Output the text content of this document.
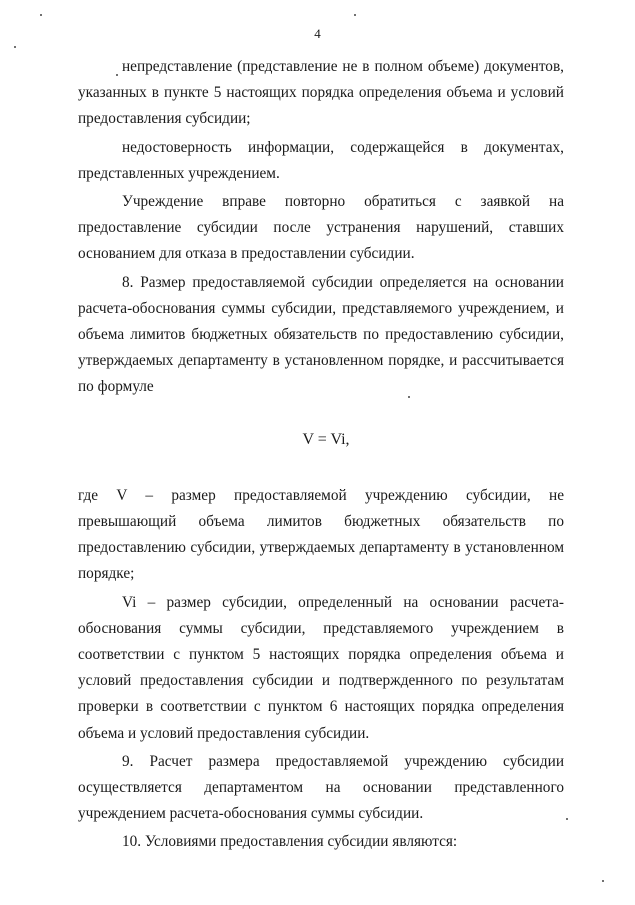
4

непредставление (представление не в полном объеме) документов, указанных в пункте 5 настоящих порядка определения объема и условий предоставления субсидии;

недостоверность информации, содержащейся в документах, представленных учреждением.

Учреждение вправе повторно обратиться с заявкой на предоставление субсидии после устранения нарушений, ставших основанием для отказа в предоставлении субсидии.

8. Размер предоставляемой субсидии определяется на основании расчета-обоснования суммы субсидии, представляемого учреждением, и объема лимитов бюджетных обязательств по предоставлению субсидии, утверждаемых департаменту в установленном порядке, и рассчитывается по формуле

V = Vi,

где V – размер предоставляемой учреждению субсидии, не превышающий объема лимитов бюджетных обязательств по предоставлению субсидии, утверждаемых департаменту в установленном порядке;

Vi – размер субсидии, определенный на основании расчета-обоснования суммы субсидии, представляемого учреждением в соответствии с пунктом 5 настоящих порядка определения объема и условий предоставления субсидии и подтвержденного по результатам проверки в соответствии с пунктом 6 настоящих порядка определения объема и условий предоставления субсидии.

9. Расчет размера предоставляемой учреждению субсидии осуществляется департаментом на основании представленного учреждением расчета-обоснования суммы субсидии.

10. Условиями предоставления субсидии являются:
